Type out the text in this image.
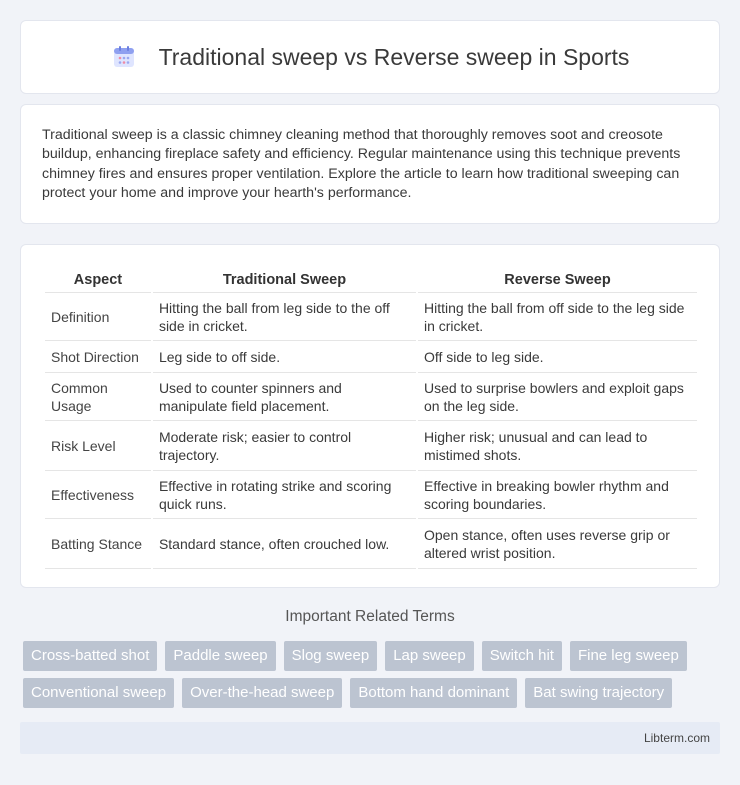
Traditional sweep vs Reverse sweep in Sports

Traditional sweep is a classic chimney cleaning method that thoroughly removes soot and creosote buildup, enhancing fireplace safety and efficiency. Regular maintenance using this technique prevents chimney fires and ensures proper ventilation. Explore the article to learn how traditional sweeping can protect your home and improve your hearth's performance.

Aspect	Traditional Sweep	Reverse Sweep
Definition	Hitting the ball from leg side to the off side in cricket.	Hitting the ball from off side to the leg side in cricket.
Shot Direction	Leg side to off side.	Off side to leg side.
Common Usage	Used to counter spinners and manipulate field placement.	Used to surprise bowlers and exploit gaps on the leg side.
Risk Level	Moderate risk; easier to control trajectory.	Higher risk; unusual and can lead to mistimed shots.
Effectiveness	Effective in rotating strike and scoring quick runs.	Effective in breaking bowler rhythm and scoring boundaries.
Batting Stance	Standard stance, often crouched low.	Open stance, often uses reverse grip or altered wrist position.
Important Related Terms
Cross-batted shot	Paddle sweep	Slog sweep	Lap sweep	Switch hit	Fine leg sweep
Conventional sweep	Over-the-head sweep	Bottom hand dominant	Bat swing trajectory
Libterm.com
